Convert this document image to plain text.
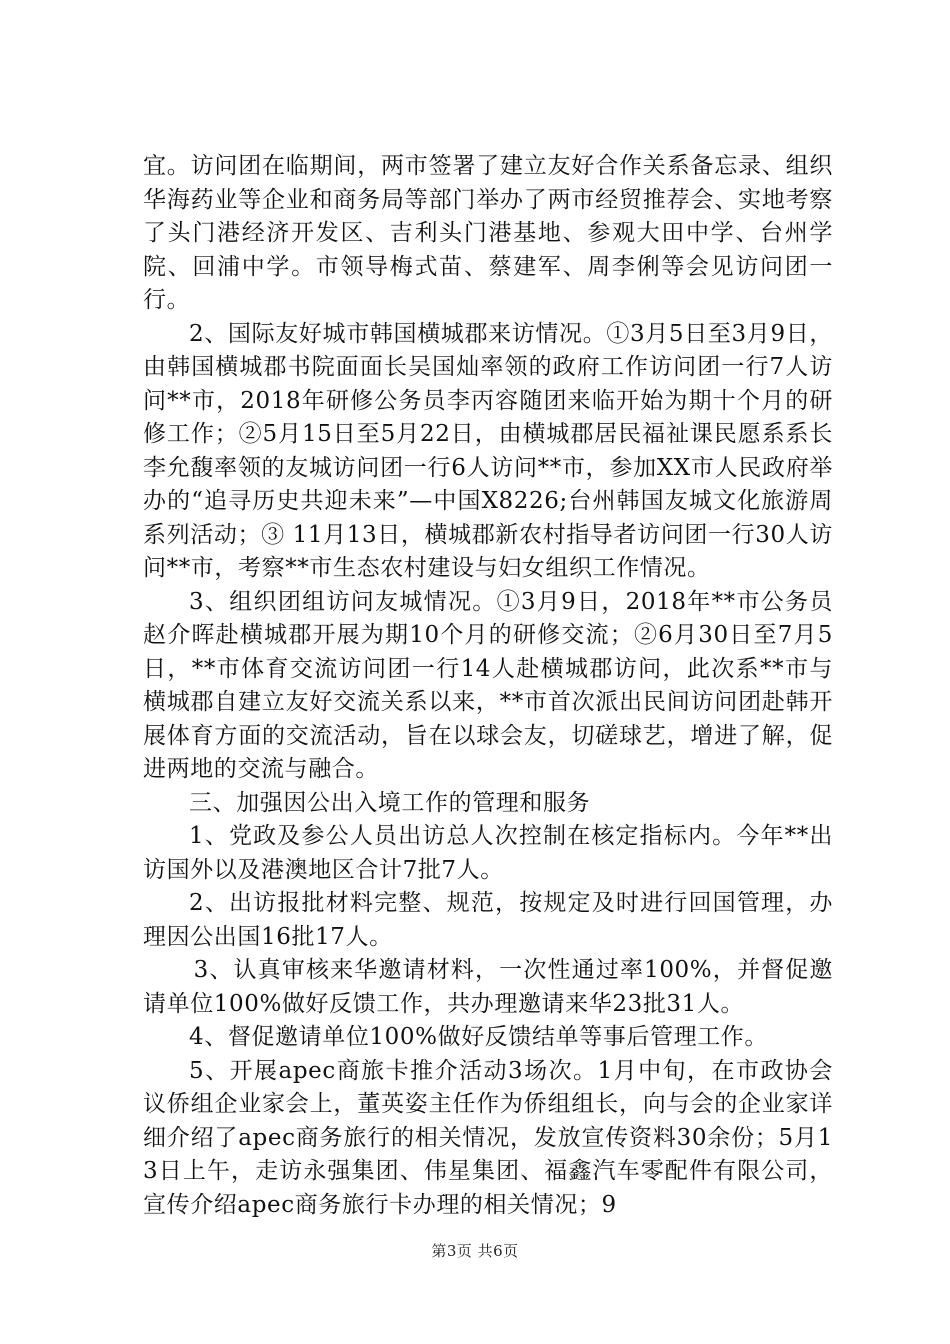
宜。访问团在临期间，两市签署了建立友好合作关系备忘录、组织华海药业等企业和商务局等部门举办了两市经贸推荐会、实地考察了头门港经济开发区、吉利头门港基地、参观大田中学、台州学院、回浦中学。市领导梅式苗、蔡建军、周李俐等会见访问团一行。

2、国际友好城市韩国横城郡来访情况。①3月5日至3月9日，由韩国横城郡书院面面长吴国灿率领的政府工作访问团一行7人访问**市，2018年研修公务员李丙容随团来临开始为期十个月的研修工作；②5月15日至5月22日，由横城郡居民福祉课民愿系系长李允馥率领的友城访问团一行6人访问**市，参加XX市人民政府举办的“追寻历史共迎未来”—中国X8226;台州韩国友城文化旅游周系列活动；③ 11月13日，横城郡新农村指导者访问团一行30人访问**市，考察**市生态农村建设与妇女组织工作情况。

3、组织团组访问友城情况。①3月9日，2018年**市公务员赵介晖赴横城郡开展为期10个月的研修交流；②6月30日至7月5日，**市体育交流访问团一行14人赴横城郡访问，此次系**市与横城郡自建立友好交流关系以来，**市首次派出民间访问团赴韩开展体育方面的交流活动，旨在以球会友，切磋球艺，增进了解，促进两地的交流与融合。

三、加强因公出入境工作的管理和服务

1、党政及参公人员出访总人次控制在核定指标内。今年**出访国外以及港澳地区合计7批7人。

2、出访报批材料完整、规范，按规定及时进行回国管理，办理因公出国16批17人。

3、认真审核来华邀请材料，一次性通过率100%，并督促邀请单位100%做好反馈工作，共办理邀请来华23批31人。

4、督促邀请单位100%做好反馈结单等事后管理工作。

5、开展apec商旅卡推介活动3场次。1月中旬，在市政协会议侨组企业家会上，董英姿主任作为侨组组长，向与会的企业家详细介绍了apec商务旅行的相关情况，发放宣传资料30余份；5月13日上午，走访永强集团、伟星集团、福鑫汽车零配件有限公司，宣传介绍apec商务旅行卡办理的相关情况；9

第3页 共6页
